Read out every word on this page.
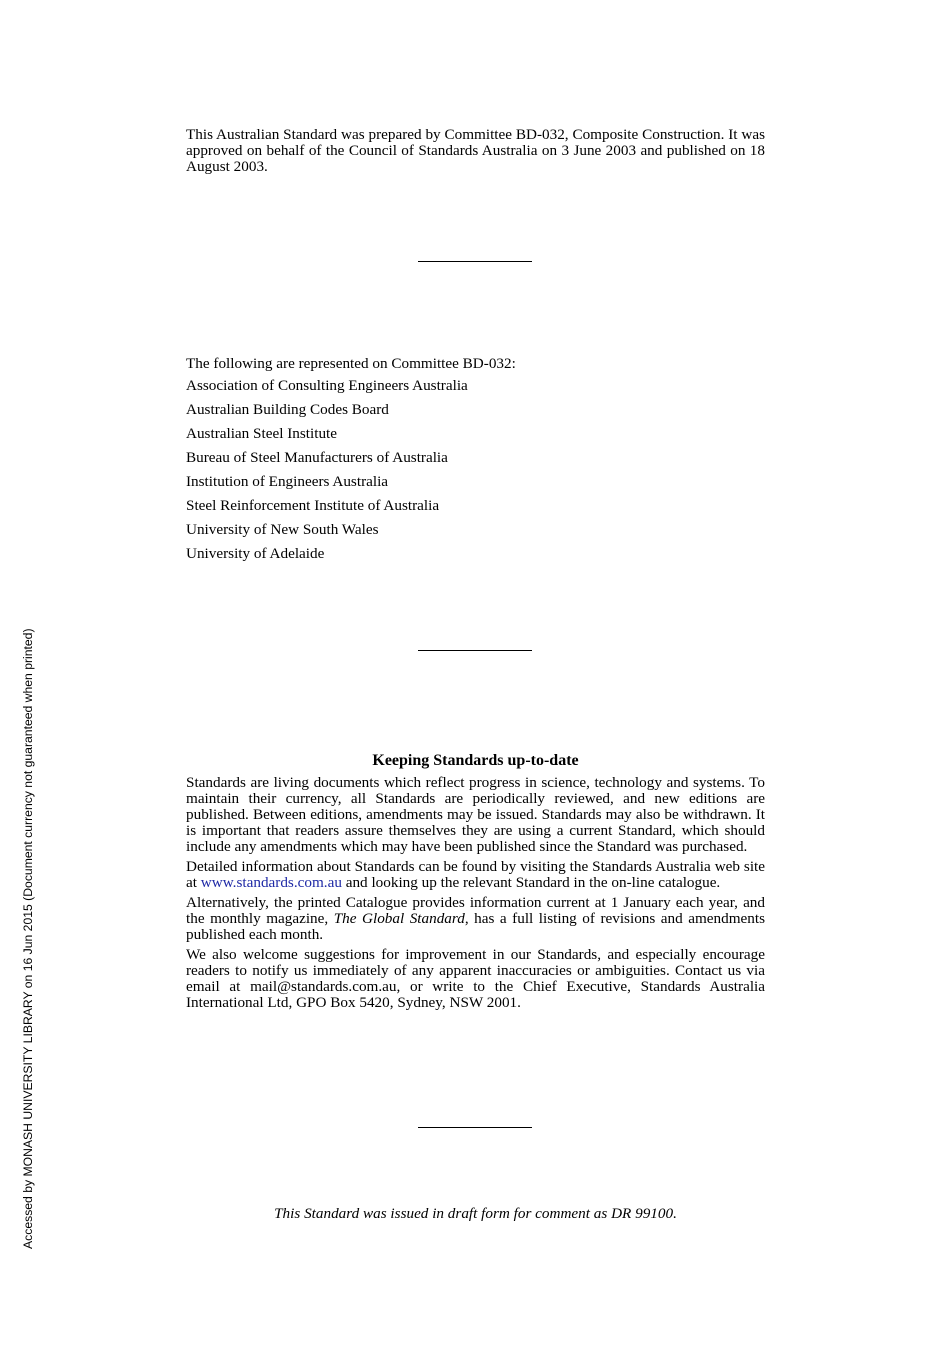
This Australian Standard was prepared by Committee BD-032, Composite Construction. It was approved on behalf of the Council of Standards Australia on 3 June 2003 and published on 18 August 2003.

The following are represented on Committee BD-032:
Association of Consulting Engineers Australia
Australian Building Codes Board
Australian Steel Institute
Bureau of Steel Manufacturers of Australia
Institution of Engineers Australia
Steel Reinforcement Institute of Australia
University of New South Wales
University of Adelaide
Keeping Standards up-to-date

Standards are living documents which reflect progress in science, technology and systems. To maintain their currency, all Standards are periodically reviewed, and new editions are published. Between editions, amendments may be issued. Standards may also be withdrawn. It is important that readers assure themselves they are using a current Standard, which should include any amendments which may have been published since the Standard was purchased.

Detailed information about Standards can be found by visiting the Standards Australia web site at www.standards.com.au and looking up the relevant Standard in the on-line catalogue.

Alternatively, the printed Catalogue provides information current at 1 January each year, and the monthly magazine, The Global Standard, has a full listing of revisions and amendments published each month.

We also welcome suggestions for improvement in our Standards, and especially encourage readers to notify us immediately of any apparent inaccuracies or ambiguities. Contact us via email at mail@standards.com.au, or write to the Chief Executive, Standards Australia International Ltd, GPO Box 5420, Sydney, NSW 2001.

This Standard was issued in draft form for comment as DR 99100.
Accessed by MONASH UNIVERSITY LIBRARY on 16 Jun 2015 (Document currency not guaranteed when printed)
